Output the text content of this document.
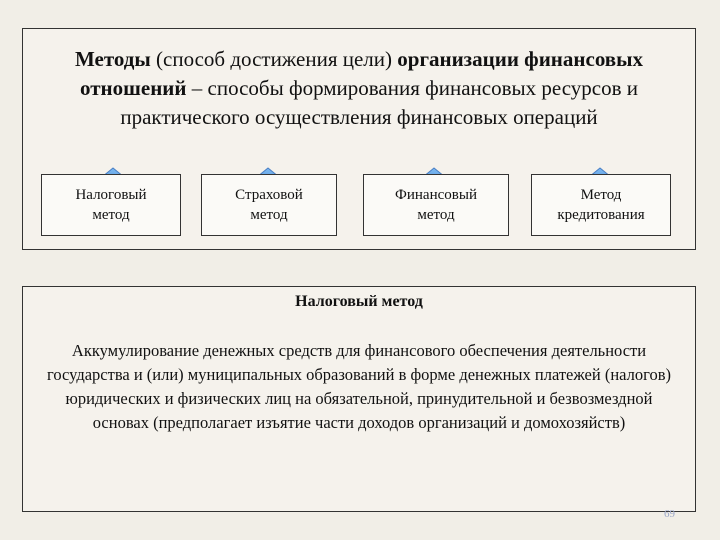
Методы (способ достижения цели) организации финансовых отношений – способы формирования финансовых ресурсов и практического осуществления финансовых операций
Налоговый
метод
Страховой
метод
Финансовый
метод
Метод
кредитования
Налоговый метод
Аккумулирование денежных средств для финансового обеспечения деятельности государства и (или) муниципальных образований в форме денежных платежей (налогов) юридических и физических лиц на обязательной, принудительной и безвозмездной основах (предполагает изъятие части доходов организаций и домохозяйств)
69
